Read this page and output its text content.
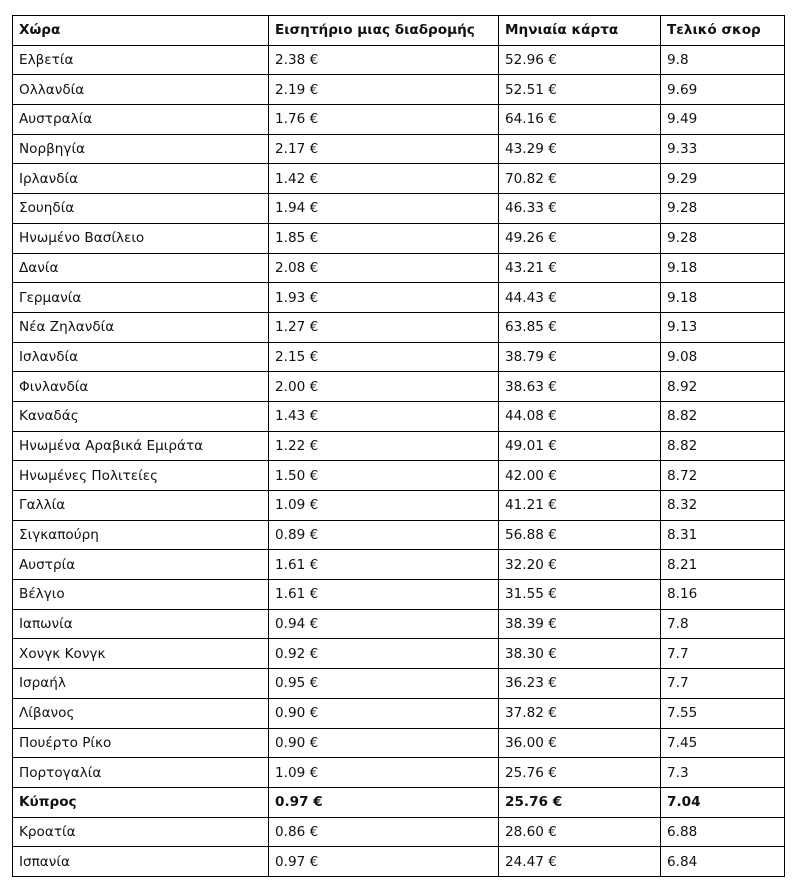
Χώρα	Εισητήριο μιας διαδρομής	Μηνιαία κάρτα	Τελικό σκορ
Ελβετία	2.38 €	52.96 €	9.8
Ολλανδία	2.19 €	52.51 €	9.69
Αυστραλία	1.76 €	64.16 €	9.49
Νορβηγία	2.17 €	43.29 €	9.33
Ιρλανδία	1.42 €	70.82 €	9.29
Σουηδία	1.94 €	46.33 €	9.28
Ηνωμένο Βασίλειο	1.85 €	49.26 €	9.28
Δανία	2.08 €	43.21 €	9.18
Γερμανία	1.93 €	44.43 €	9.18
Νέα Ζηλανδία	1.27 €	63.85 €	9.13
Ισλανδία	2.15 €	38.79 €	9.08
Φινλανδία	2.00 €	38.63 €	8.92
Καναδάς	1.43 €	44.08 €	8.82
Ηνωμένα Αραβικά Εμιράτα	1.22 €	49.01 €	8.82
Ηνωμένες Πολιτείες	1.50 €	42.00 €	8.72
Γαλλία	1.09 €	41.21 €	8.32
Σιγκαπούρη	0.89 €	56.88 €	8.31
Αυστρία	1.61 €	32.20 €	8.21
Βέλγιο	1.61 €	31.55 €	8.16
Ιαπωνία	0.94 €	38.39 €	7.8
Χονγκ Κονγκ	0.92 €	38.30 €	7.7
Ισραήλ	0.95 €	36.23 €	7.7
Λίβανος	0.90 €	37.82 €	7.55
Πουέρτο Ρίκο	0.90 €	36.00 €	7.45
Πορτογαλία	1.09 €	25.76 €	7.3
Κύπρος	0.97 €	25.76 €	7.04
Κροατία	0.86 €	28.60 €	6.88
Ισπανία	0.97 €	24.47 €	6.84
